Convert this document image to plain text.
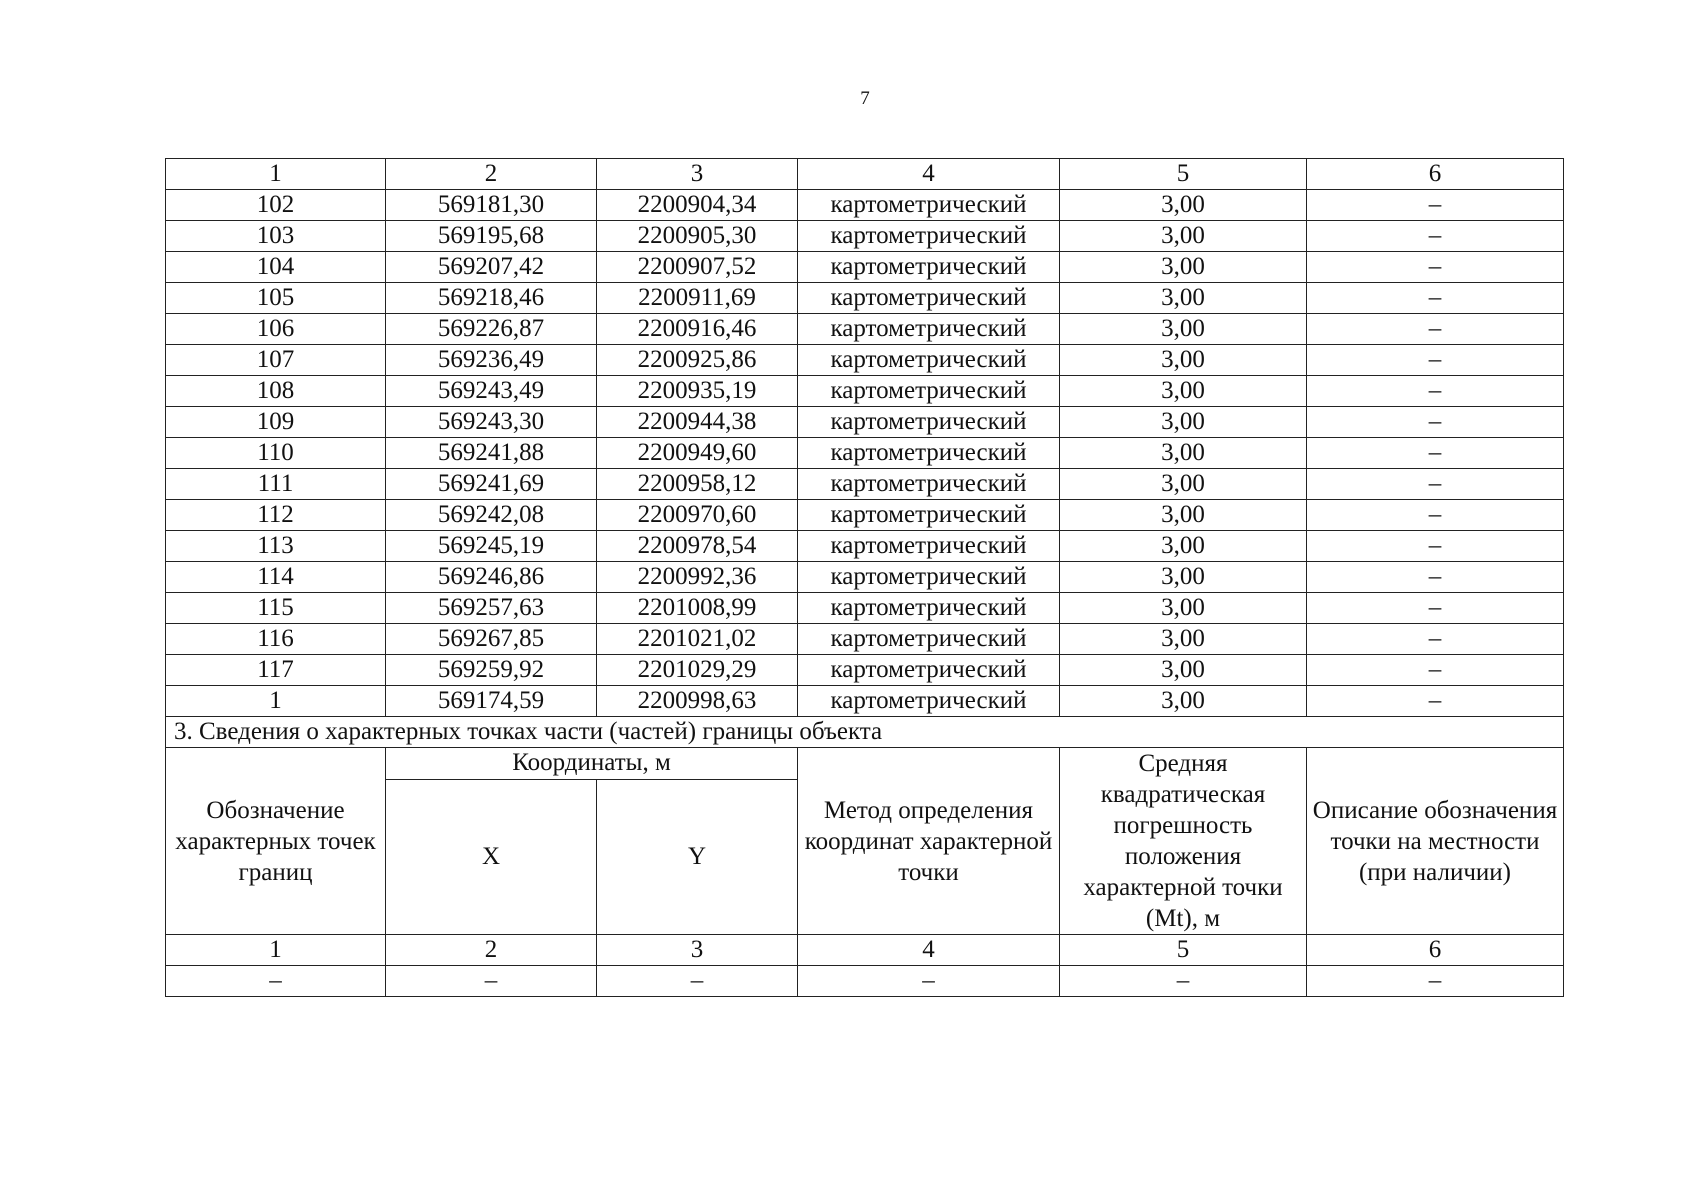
7
1	2	3	4	5	6
102	569181,30	2200904,34	картометрический	3,00	–
103	569195,68	2200905,30	картометрический	3,00	–
104	569207,42	2200907,52	картометрический	3,00	–
105	569218,46	2200911,69	картометрический	3,00	–
106	569226,87	2200916,46	картометрический	3,00	–
107	569236,49	2200925,86	картометрический	3,00	–
108	569243,49	2200935,19	картометрический	3,00	–
109	569243,30	2200944,38	картометрический	3,00	–
110	569241,88	2200949,60	картометрический	3,00	–
111	569241,69	2200958,12	картометрический	3,00	–
112	569242,08	2200970,60	картометрический	3,00	–
113	569245,19	2200978,54	картометрический	3,00	–
114	569246,86	2200992,36	картометрический	3,00	–
115	569257,63	2201008,99	картометрический	3,00	–
116	569267,85	2201021,02	картометрический	3,00	–
117	569259,92	2201029,29	картометрический	3,00	–
1	569174,59	2200998,63	картометрический	3,00	–
3. Сведения о характерных точках части (частей) границы объекта					
Обозначение характерных точек границ	Координаты, м		Метод определения координат характерной точки	Средняя квадратическая погрешность положения характерной точки (Mt), м	Описание обозначения точки на местности (при наличии)
	X	Y			
1	2	3	4	5	6
–	–	–	–	–	–
